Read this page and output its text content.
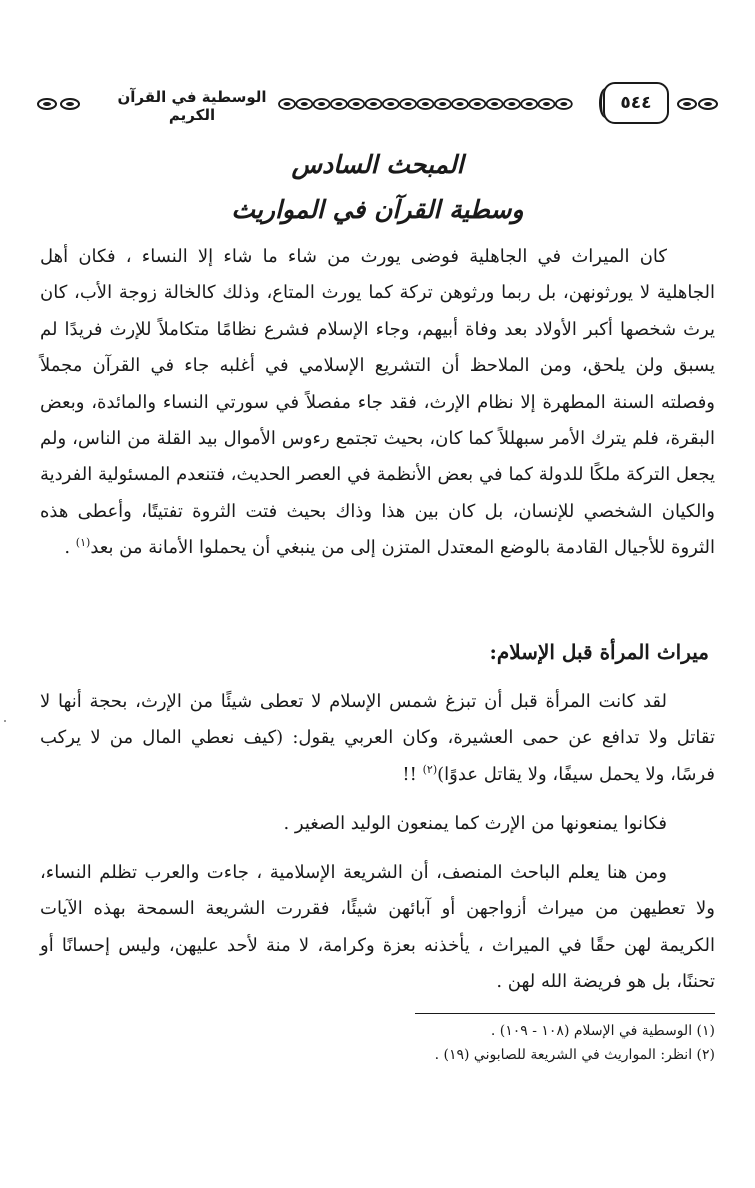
٥٤٤
الوسطية في القرآن الكريم
المبحث السادس
وسطية القرآن في المواريث

كان الميراث في الجاهلية فوضى يورث من شاء ما شاء إلا النساء ، فكان أهل الجاهلية لا يورثونهن، بل ربما ورثوهن تركة كما يورث المتاع، وذلك كالخالة زوجة الأب، كان يرث شخصها أكبر الأولاد بعد وفاة أبيهم، وجاء الإسلام فشرع نظامًا متكاملاً للإرث فريدًا لم يسبق ولن يلحق، ومن الملاحظ أن التشريع الإسلامي في أغلبه جاء في القرآن مجملاً وفصلته السنة المطهرة إلا نظام الإرث، فقد جاء مفصلاً في سورتي النساء والمائدة، وبعض البقرة، فلم يترك الأمر سبهللاً كما كان، بحيث تجتمع رءوس الأموال بيد القلة من الناس، ولم يجعل التركة ملكًا للدولة كما في بعض الأنظمة في العصر الحديث، فتنعدم المسئولية الفردية والكيان الشخصي للإنسان، بل كان بين هذا وذاك بحيث فتت الثروة تفتيتًا، وأعطى هذه الثروة للأجيال القادمة بالوضع المعتدل المتزن إلى من ينبغي أن يحملوا الأمانة من بعد$^{(١)}$ .

ميراث المرأة قبل الإسلام:

لقد كانت المرأة قبل أن تبزغ شمس الإسلام لا تعطى شيئًا من الإرث، بحجة أنها لا تقاتل ولا تدافع عن حمى العشيرة، وكان العربي يقول: (كيف نعطي المال من لا يركب فرسًا، ولا يحمل سيفًا، ولا يقاتل عدوًا)$^{(٢)}$ !!

فكانوا يمنعونها من الإرث كما يمنعون الوليد الصغير .

ومن هنا يعلم الباحث المنصف، أن الشريعة الإسلامية ، جاءت والعرب تظلم النساء، ولا تعطيهن من ميراث أزواجهن أو آبائهن شيئًا، فقررت الشريعة السمحة بهذه الآيات الكريمة لهن حقًا في الميراث ، يأخذنه بعزة وكرامة، لا منة لأحد عليهن، وليس إحسانًا أو تحننًا، بل هو فريضة الله لهن .

(١) الوسطية في الإسلام (١٠٨ - ١٠٩) .
(٢) انظر: المواريث في الشريعة للصابوني (١٩) .
